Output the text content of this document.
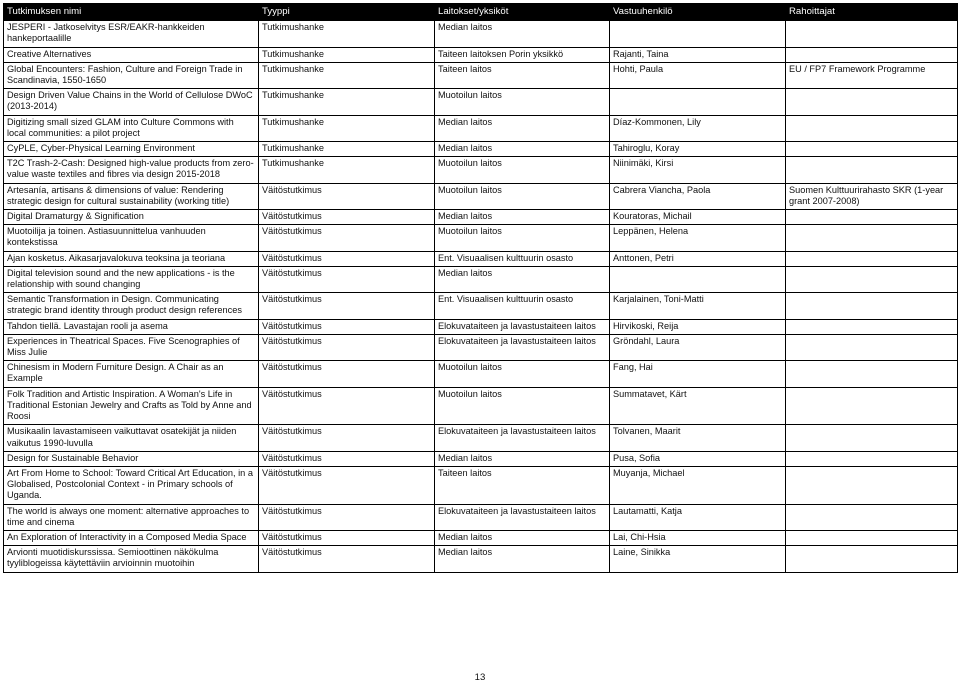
Tutkimuksen nimi	Tyyppi	Laitokset/yksiköt	Vastuuhenkilö	Rahoittajat
JESPERI - Jatkoselvitys ESR/EAKR-hankkeiden hankeportaalille	Tutkimushanke	Median laitos		
Creative Alternatives	Tutkimushanke	Taiteen laitoksen Porin yksikkö	Rajanti, Taina	
Global Encounters: Fashion, Culture and Foreign Trade in Scandinavia, 1550-1650	Tutkimushanke	Taiteen laitos	Hohti, Paula	EU / FP7 Framework Programme
Design Driven Value Chains in the World of Cellulose DWoC (2013-2014)	Tutkimushanke	Muotoilun laitos		
Digitizing small sized GLAM into Culture Commons with local communities: a pilot project	Tutkimushanke	Median laitos	Díaz-Kommonen, Lily	
CyPLE, Cyber-Physical Learning Environment	Tutkimushanke	Median laitos	Tahiroglu, Koray	
T2C Trash-2-Cash: Designed high-value products from zero-value waste textiles and fibres via design 2015-2018	Tutkimushanke	Muotoilun laitos	Niinimäki, Kirsi	
Artesanía, artisans & dimensions of value: Rendering strategic design for cultural sustainability (working title)	Väitöstutkimus	Muotoilun laitos	Cabrera Viancha, Paola	Suomen Kulttuurirahasto SKR (1-year grant 2007-2008)
Digital Dramaturgy & Signification	Väitöstutkimus	Median laitos	Kouratoras, Michail	
Muotoilija ja toinen. Astiasuunnittelua vanhuuden kontekstissa	Väitöstutkimus	Muotoilun laitos	Leppänen, Helena	
Ajan kosketus. Aikasarjavalokuva teoksina ja teoriana	Väitöstutkimus	Ent. Visuaalisen kulttuurin osasto	Anttonen, Petri	
Digital television sound and the new applications - is the relationship with sound changing	Väitöstutkimus	Median laitos		
Semantic Transformation in Design. Communicating strategic brand identity through product design references	Väitöstutkimus	Ent. Visuaalisen kulttuurin osasto	Karjalainen, Toni-Matti	
Tahdon tiellä. Lavastajan rooli ja asema	Väitöstutkimus	Elokuvataiteen ja lavastustaiteen laitos	Hirvikoski, Reija	
Experiences in Theatrical Spaces. Five Scenographies of Miss Julie	Väitöstutkimus	Elokuvataiteen ja lavastustaiteen laitos	Gröndahl, Laura	
Chinesism in Modern Furniture Design. A Chair as an Example	Väitöstutkimus	Muotoilun laitos	Fang, Hai	
Folk Tradition and Artistic Inspiration. A Woman's Life in Traditional Estonian Jewelry and Crafts as Told by Anne and Roosi	Väitöstutkimus	Muotoilun laitos	Summatavet, Kärt	
Musikaalin lavastamiseen vaikuttavat osatekijät ja niiden vaikutus 1990-luvulla	Väitöstutkimus	Elokuvataiteen ja lavastustaiteen laitos	Tolvanen, Maarit	
Design for Sustainable Behavior	Väitöstutkimus	Median laitos	Pusa, Sofia	
Art From Home to School: Toward Critical Art Education, in a Globalised, Postcolonial Context - in Primary schools of Uganda.	Väitöstutkimus	Taiteen laitos	Muyanja, Michael	
The world is always one moment: alternative approaches to time and cinema	Väitöstutkimus	Elokuvataiteen ja lavastustaiteen laitos	Lautamatti, Katja	
An Exploration of Interactivity in a Composed Media Space	Väitöstutkimus	Median laitos	Lai, Chi-Hsia	
Arvionti muotidiskurssissa. Semioottinen näkökulma tyyliblogeissa käytettäviin arvioinnin muotoihin	Väitöstutkimus	Median laitos	Laine, Sinikka	
13
